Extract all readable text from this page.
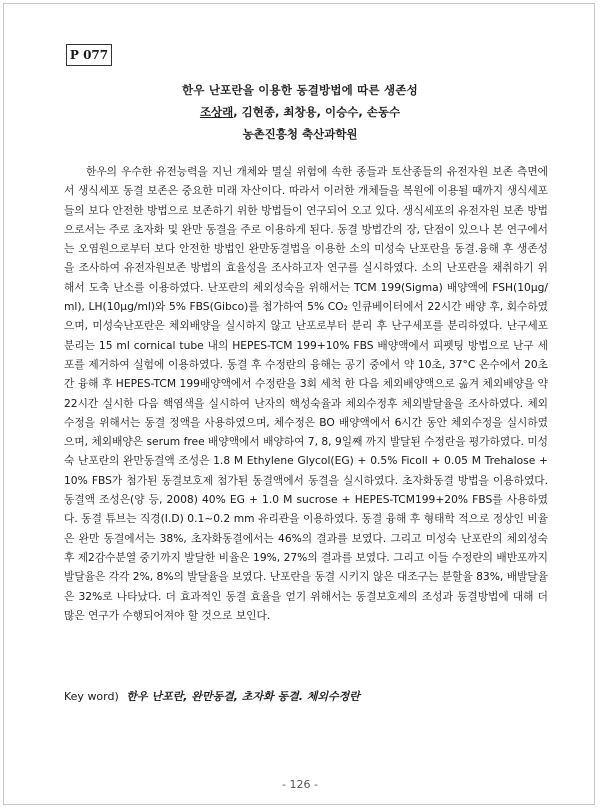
P 077
한우 난포란을 이용한 동결방법에 따른 생존성
조상래, 김현종, 최창용, 이승수, 손동수
농촌진흥청 축산과학원

한우의 우수한 유전능력을 지닌 개체와 멸실 위험에 속한 종들과 토산종들의 유전자원 보존 측면에서 생식세포 동결 보존은 중요한 미래 자산이다. 따라서 이러한 개체들을 복원에 이용될 때까지 생식세포들의 보다 안전한 방법으로 보존하기 위한 방법들이 연구되어 오고 있다. 생식세포의 유전자원 보존 방법으로서는 주로 초자화 및 완만 동결을 주로 이용하게 된다. 동결 방법간의 장, 단점이 있으나 본 연구에서는 오염원으로부터 보다 안전한 방법인 완만동결법을 이용한 소의 미성숙 난포란을 동결.융해 후 생존성을 조사하여 유전자원보존 방법의 효율성을 조사하고자 연구를 실시하였다. 소의 난포란을 채취하기 위해서 도축 난소를 이용하였다. 난포란의 체외성숙을 위해서는 TCM 199(Sigma) 배양액에 FSH(10μg/ml), LH(10μg/ml)와 5% FBS(Gibco)를 첨가하여 5% CO₂ 인큐베이터에서 22시간 배양 후, 회수하였으며, 미성숙난포란은 체외배양을 실시하지 않고 난포로부터 분리 후 난구세포를 분리하였다. 난구세포 분리는 15 ml cornical tube 내의 HEPES-TCM 199+10% FBS 배양액에서 피펫팅 방법으로 난구 세포를 제거하여 실험에 이용하였다. 동결 후 수정란의 융해는 공기 중에서 약 10초, 37°C 온수에서 20초간 융해 후 HEPES-TCM 199배양액에서 수정란을 3회 세척 한 다음 체외배양액으로 옮겨 체외배양을 약 22시간 실시한 다음 핵염색을 실시하여 난자의 핵성숙율과 체외수정후 체외발달율을 조사하였다. 체외수정을 위해서는 동결 정액을 사용하였으며, 체수정은 BO 배양액에서 6시간 동안 체외수정을 실시하였으며, 체외배양은 serum free 배양액에서 배양하여 7, 8, 9일째 까지 발달된 수정란을 평가하였다. 미성숙 난포란의 완만동결액 조성은 1.8 M Ethylene Glycol(EG) + 0.5% Ficoll + 0.05 M Trehalose + 10% FBS가 첨가된 동결보호제 첨가된 동결액에서 동결을 실시하였다. 초자화동결 방법을 이용하였다. 동결액 조성은(양 등, 2008) 40% EG + 1.0 M sucrose + HEPES-TCM199+20% FBS를 사용하였다. 동결 튜브는 직경(I.D) 0.1~0.2 mm 유리관을 이용하였다. 동결 융해 후 형태학 적으로 정상인 비율은 완만 동결에서는 38%, 초자화동결에서는 46%의 결과를 보였다. 그리고 미성숙 난포란의 체외성숙 후 제2감수분열 중기까지 발달한 비율은 19%, 27%의 결과를 보였다. 그리고 이들 수정란의 배반포까지 발달율은 각각 2%, 8%의 발달율을 보였다. 난포란을 동결 시키지 않은 대조구는 분할율 83%, 배발달율은 32%로 나타났다. 더 효과적인 동결 효율을 얻기 위해서는 동결보호제의 조성과 동결방법에 대해 더 많은 연구가 수행되어져야 할 것으로 보인다.

Key word) 한우 난포란, 완만동결, 초자화 동결. 체외수정란
- 126 -
